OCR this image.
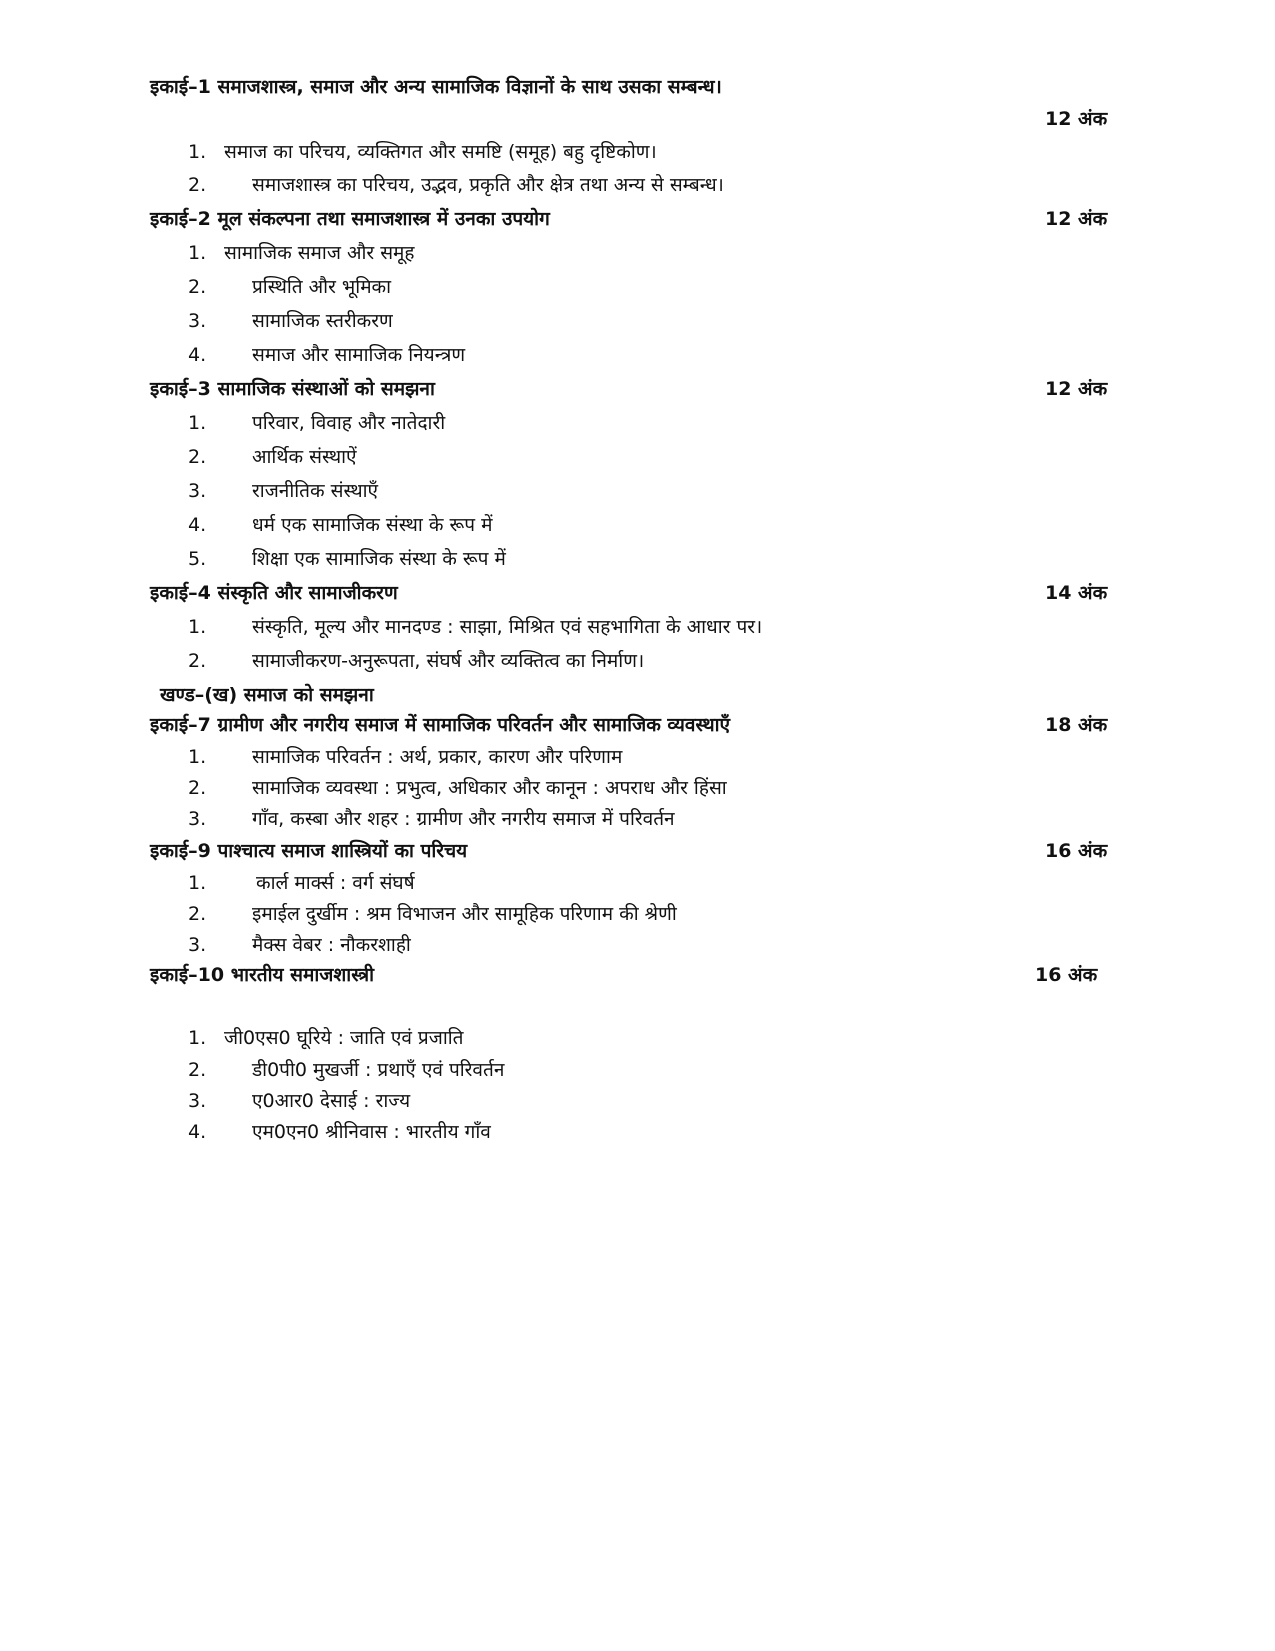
इकाई–1 समाजशास्त्र, समाज और अन्य सामाजिक विज्ञानों के साथ उसका सम्बन्ध।
12 अंक
1. समाज का परिचय, व्यक्तिगत और समष्टि (समूह) बहु दृष्टिकोण।
2. समाजशास्त्र का परिचय, उद्भव, प्रकृति और क्षेत्र तथा अन्य से सम्बन्ध।
इकाई–2 मूल संकल्पना तथा समाजशास्त्र में उनका उपयोग	12 अंक
1. सामाजिक समाज और समूह
2. प्रस्थिति और भूमिका
3. सामाजिक स्तरीकरण
4. समाज और सामाजिक नियन्त्रण
इकाई–3 सामाजिक संस्थाओं को समझना	12 अंक
1. परिवार, विवाह और नातेदारी
2. आर्थिक संस्थाऐं
3. राजनीतिक संस्थाएँ
4. धर्म एक सामाजिक संस्था के रूप में
5. शिक्षा एक सामाजिक संस्था के रूप में
इकाई–4 संस्कृति और सामाजीकरण	14 अंक
1. संस्कृति, मूल्य और मानदण्ड : साझा, मिश्रित एवं सहभागिता के आधार पर।
2. सामाजीकरण-अनुरूपता, संघर्ष और व्यक्तित्व का निर्माण।
खण्ड–(ख) समाज को समझना
इकाई–7 ग्रामीण और नगरीय समाज में सामाजिक परिवर्तन और सामाजिक व्यवस्थाएँ	18 अंक
1. सामाजिक परिवर्तन : अर्थ, प्रकार, कारण और परिणाम
2. सामाजिक व्यवस्था : प्रभुत्व, अधिकार और कानून : अपराध और हिंसा
3. गाँव, कस्बा और शहर : ग्रामीण और नगरीय समाज में परिवर्तन
इकाई–9 पाश्चात्य समाज शास्त्रियों का परिचय	16 अंक
1.	कार्ल मार्क्स : वर्ग संघर्ष
2. इमाईल दुर्खीम : श्रम विभाजन और सामूहिक परिणाम की श्रेणी
3. मैक्स वेबर : नौकरशाही
इकाई–10 भारतीय समाजशास्त्री	16 अंक
1. जी0एस0 घूरिये : जाति एवं प्रजाति
2. डी0पी0 मुखर्जी : प्रथाएँ एवं परिवर्तन
3. ए0आर0 देसाई : राज्य
4. एम0एन0 श्रीनिवास : भारतीय गाँव
